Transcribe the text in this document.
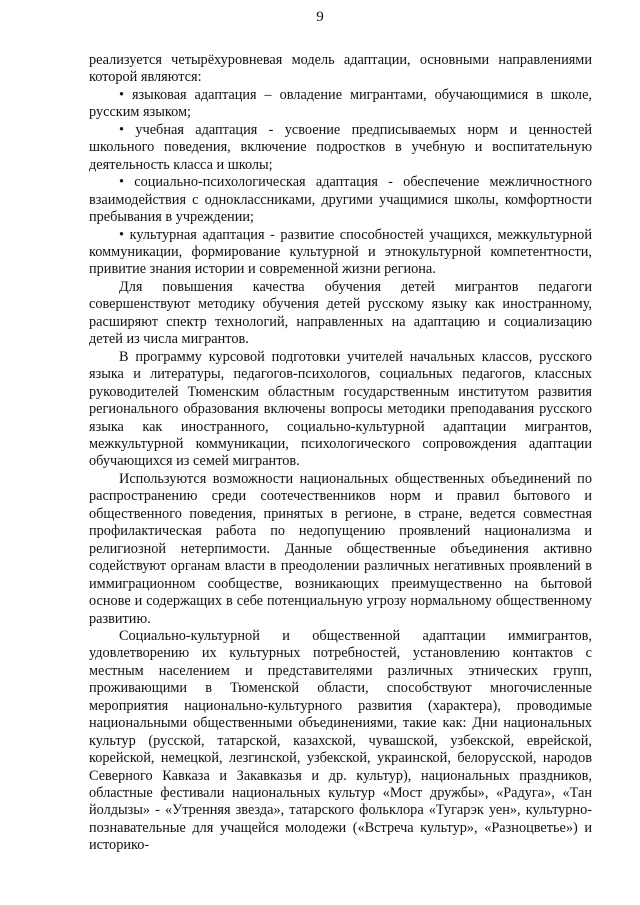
9

реализуется четырёхуровневая модель адаптации, основными направлениями которой являются:

• языковая адаптация – овладение мигрантами, обучающимися в школе, русским языком;

• учебная адаптация - усвоение предписываемых норм и ценностей школьного поведения, включение подростков в учебную и воспитательную деятельность класса и школы;

• социально-психологическая адаптация - обеспечение межличностного взаимодействия с одноклассниками, другими учащимися школы, комфортности пребывания в учреждении;

• культурная адаптация - развитие способностей учащихся, межкультурной коммуникации, формирование культурной и этнокультурной компетентности, привитие знания истории и современной жизни региона.

Для повышения качества обучения детей мигрантов педагоги совершенствуют методику обучения детей русскому языку как иностранному, расширяют спектр технологий, направленных на адаптацию и социализацию детей из числа мигрантов.

В программу курсовой подготовки учителей начальных классов, русского языка и литературы, педагогов-психологов, социальных педагогов, классных руководителей Тюменским областным государственным институтом развития регионального образования включены вопросы методики преподавания русского языка как иностранного, социально-культурной адаптации мигрантов, межкультурной коммуникации, психологического сопровождения адаптации обучающихся из семей мигрантов.

Используются возможности национальных общественных объединений по распространению среди соотечественников норм и правил бытового и общественного поведения, принятых в регионе, в стране, ведется совместная профилактическая работа по недопущению проявлений национализма и религиозной нетерпимости. Данные общественные объединения активно содействуют органам власти в преодолении различных негативных проявлений в иммиграционном сообществе, возникающих преимущественно на бытовой основе и содержащих в себе потенциальную угрозу нормальному общественному развитию.

Социально-культурной и общественной адаптации иммигрантов, удовлетворению их культурных потребностей, установлению контактов с местным населением и представителями различных этнических групп, проживающими в Тюменской области, способствуют многочисленные мероприятия национально-культурного развития (характера), проводимые национальными общественными объединениями, такие как: Дни национальных культур (русской, татарской, казахской, чувашской, узбекской, еврейской, корейской, немецкой, лезгинской, узбекской, украинской, белорусской, народов Северного Кавказа и Закавказья и др. культур), национальных праздников, областные фестивали национальных культур «Мост дружбы», «Радуга», «Тан йолдызы» - «Утренняя звезда», татарского фольклора «Тугарэк уен», культурно-познавательные для учащейся молодежи («Встреча культур», «Разноцветье») и историко-
